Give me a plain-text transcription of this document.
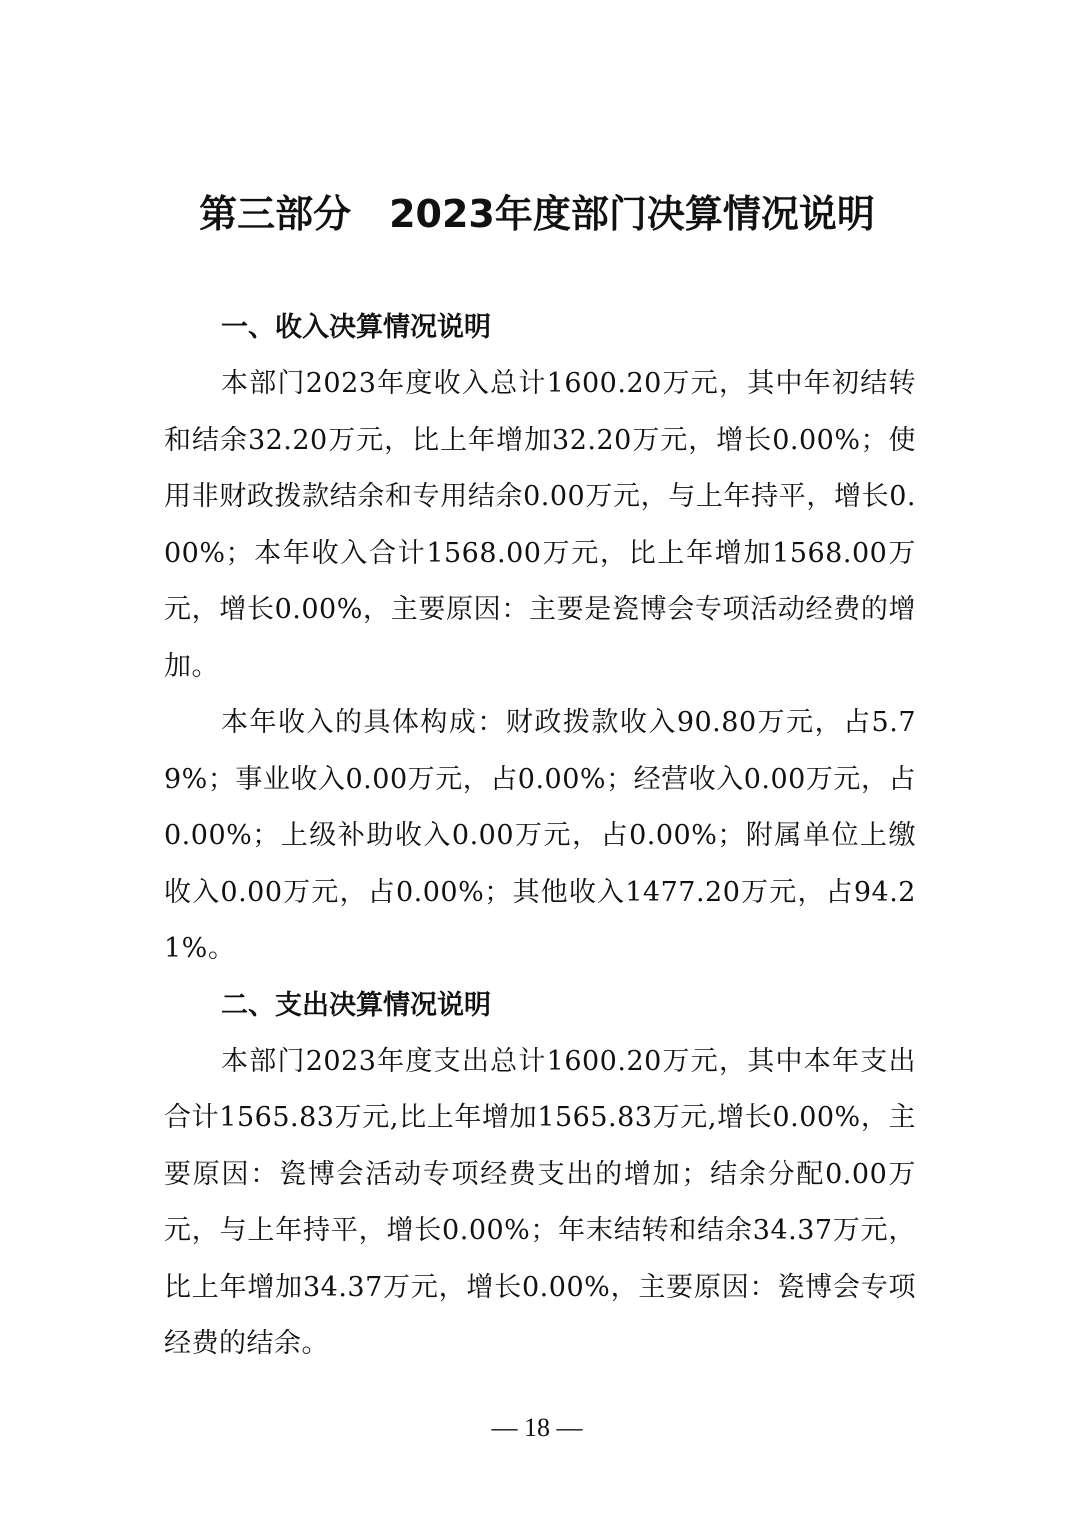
第三部分　2023年度部门决算情况说明
一、收入决算情况说明

本部门2023年度收入总计1600.20万元，其中年初结转和结余32.20万元，比上年增加32.20万元，增长0.00%；使用非财政拨款结余和专用结余0.00万元，与上年持平，增长0.00%；本年收入合计1568.00万元，比上年增加1568.00万元，增长0.00%，主要原因：主要是瓷博会专项活动经费的增加。

本年收入的具体构成：财政拨款收入90.80万元，占5.79%；事业收入0.00万元，占0.00%；经营收入0.00万元，占0.00%；上级补助收入0.00万元，占0.00%；附属单位上缴收入0.00万元，占0.00%；其他收入1477.20万元，占94.21%。

二、支出决算情况说明

本部门2023年度支出总计1600.20万元，其中本年支出合计1565.83万元,比上年增加1565.83万元,增长0.00%，主要原因：瓷博会活动专项经费支出的增加；结余分配0.00万元，与上年持平，增长0.00%；年末结转和结余34.37万元，比上年增加34.37万元，增长0.00%，主要原因：瓷博会专项经费的结余。

— 18 —
